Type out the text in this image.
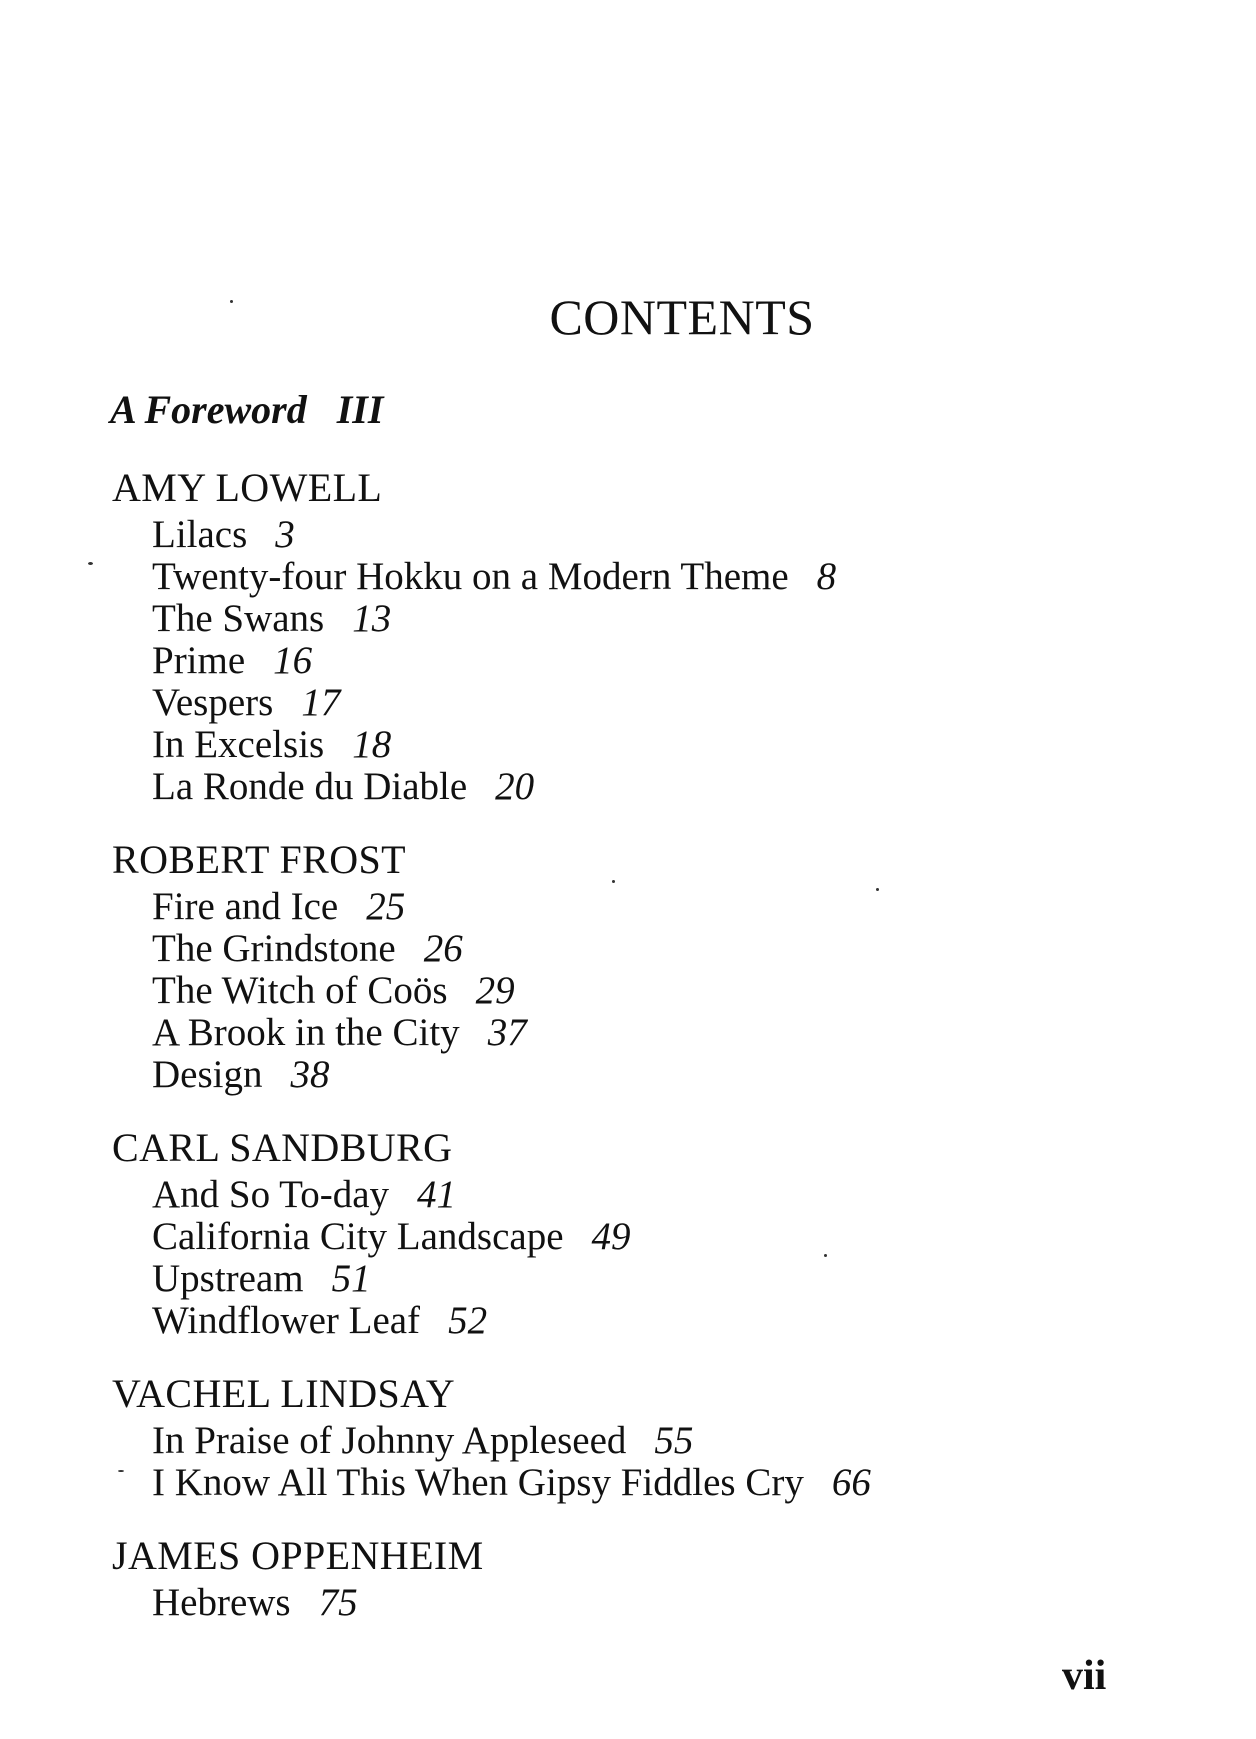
CONTENTS
A Foreword III
AMY LOWELL
Lilacs 3
Twenty-four Hokku on a Modern Theme 8
The Swans 13
Prime 16
Vespers 17
In Excelsis 18
La Ronde du Diable 20
ROBERT FROST
Fire and Ice 25
The Grindstone 26
The Witch of Coös 29
A Brook in the City 37
Design 38
CARL SANDBURG
And So To-day 41
California City Landscape 49
Upstream 51
Windflower Leaf 52
VACHEL LINDSAY
In Praise of Johnny Appleseed 55
I Know All This When Gipsy Fiddles Cry 66
JAMES OPPENHEIM
Hebrews 75
vii
